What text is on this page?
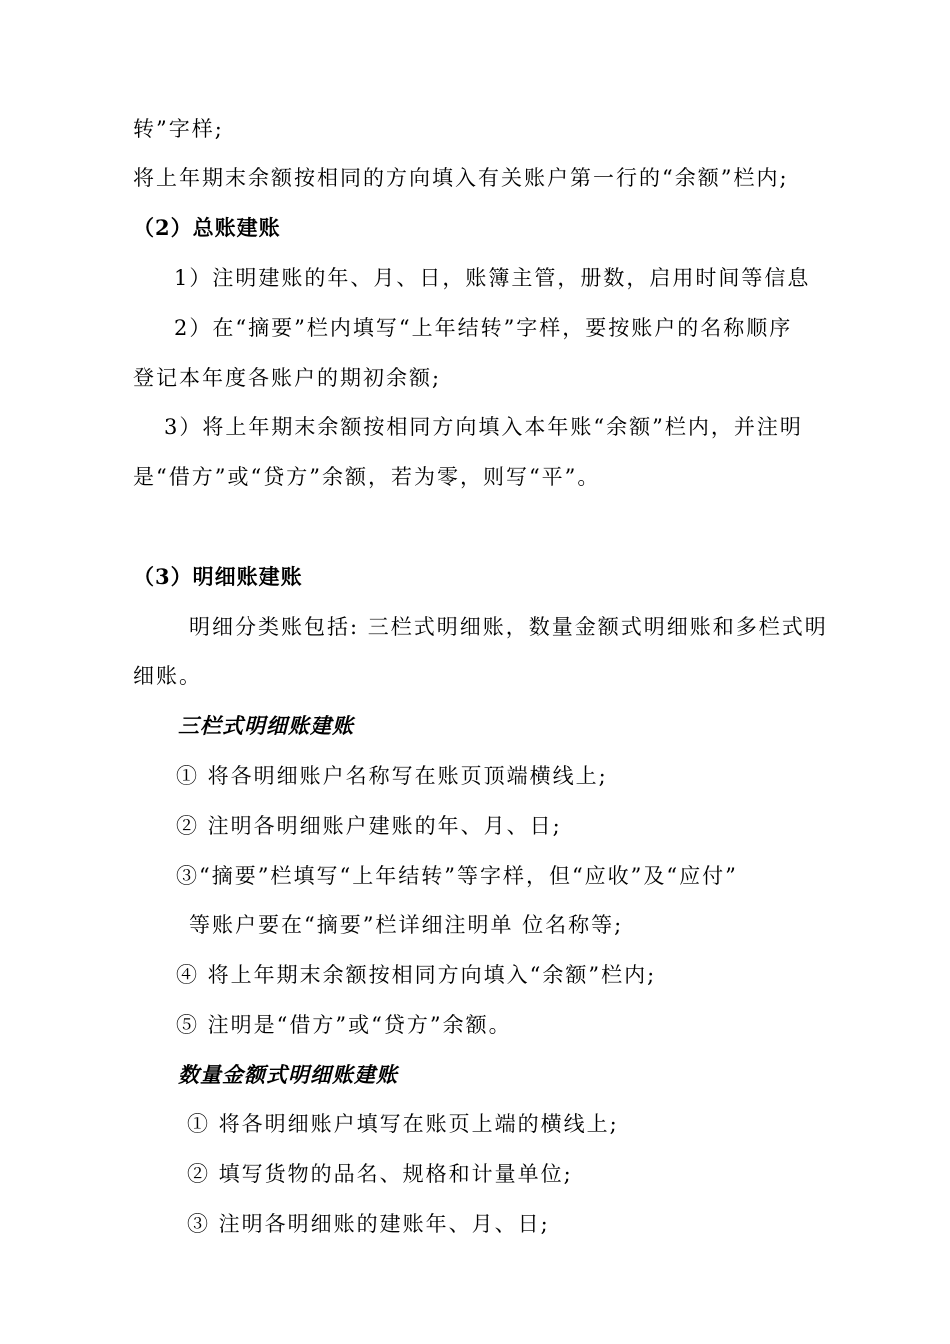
转”字样;
将上年期末余额按相同的方向填入有关账户第一行的“余额”栏内;
（2）总账建账
1）注明建账的年、月、日，账簿主管，册数，启用时间等信息
2）在“摘要”栏内填写“上年结转”字样，要按账户的名称顺序
登记本年度各账户的期初余额;
3）将上年期末余额按相同方向填入本年账“余额”栏内，并注明
是“借方”或“贷方”余额，若为零，则写“平”。
（3）明细账建账
明细分类账包括: 三栏式明细账，数量金额式明细账和多栏式明
细账。
三栏式明细账建账
① 将各明细账户名称写在账页顶端横线上;
② 注明各明细账户建账的年、月、日;
③“摘要”栏填写“上年结转”等字样，但“应收”及“应付”
等账户要在“摘要”栏详细注明单 位名称等;
④ 将上年期末余额按相同方向填入“余额”栏内;
⑤ 注明是“借方”或“贷方”余额。
数量金额式明细账建账
① 将各明细账户填写在账页上端的横线上;
② 填写货物的品名、规格和计量单位;
③ 注明各明细账的建账年、月、日;
